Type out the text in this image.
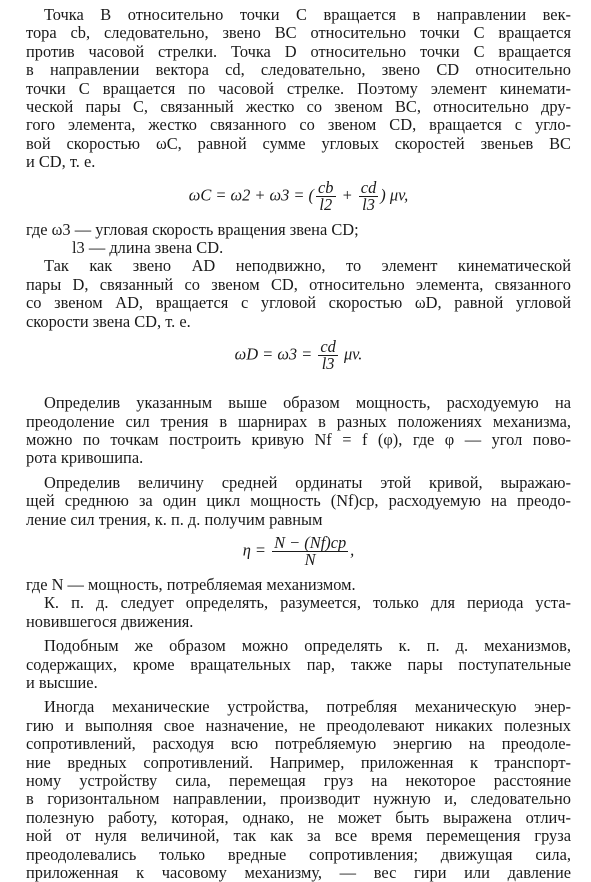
Точка B относительно точки C вращается в направлении век-
тора cb, следовательно, звено BC относительно точки C вращается
против часовой стрелки. Точка D относительно точки C вращается
в направлении вектора cd, следовательно, звено CD относительно
точки C вращается по часовой стрелке. Поэтому элемент кинемати-
ческой пары C, связанный жестко со звеном BC, относительно дру-
гого элемента, жестко связанного со звеном CD, вращается с угло-
вой скоростью ωC, равной сумме угловых скоростей звеньев BC
и CD, т. е.
ωC = ω2 + ω3 = ( $\frac{cb}{l2} + \frac{cd}{l3}$ ) μv,
где ω3 — угловая скорость вращения звена CD;
l3 — длина звена CD.
Так как звено AD неподвижно, то элемент кинематической
пары D, связанный со звеном CD, относительно элемента, связанного
со звеном AD, вращается с угловой скоростью ωD, равной угловой
скорости звена CD, т. е.
$\omega D = \omega 3 = \frac{cd}{l3} \mu v$.
Определив указанным выше образом мощность, расходуемую на
преодоление сил трения в шарнирах в разных положениях механизма,
можно по точкам построить кривую Nf = f (φ), где φ — угол пово-
рота кривошипа.
Определив величину средней ординаты этой кривой, выражаю-
щей среднюю за один цикл мощность (Nf)ср, расходуемую на преодо-
ление сил трения, к. п. д. получим равным
$\eta = \frac{N - (Nf)ср}{N}$ ,
где N — мощность, потребляемая механизмом.
К. п. д. следует определять, разумеется, только для периода уста-
новившегося движения.
Подобным же образом можно определять к. п. д. механизмов,
содержащих, кроме вращательных пар, также пары поступательные
и высшие.
Иногда механические устройства, потребляя механическую энер-
гию и выполняя свое назначение, не преодолевают никаких полезных
сопротивлений, расходуя всю потребляемую энергию на преодоле-
ние вредных сопротивлений. Например, приложенная к транспорт-
ному устройству сила, перемещая груз на некоторое расстояние
в горизонтальном направлении, производит нужную и, следовательно
полезную работу, которая, однако, не может быть выражена отлич-
ной от нуля величиной, так как за все время перемещения груза
преодолевались только вредные сопротивления; движущая сила,
приложенная к часовому механизму, — вес гири или давление
